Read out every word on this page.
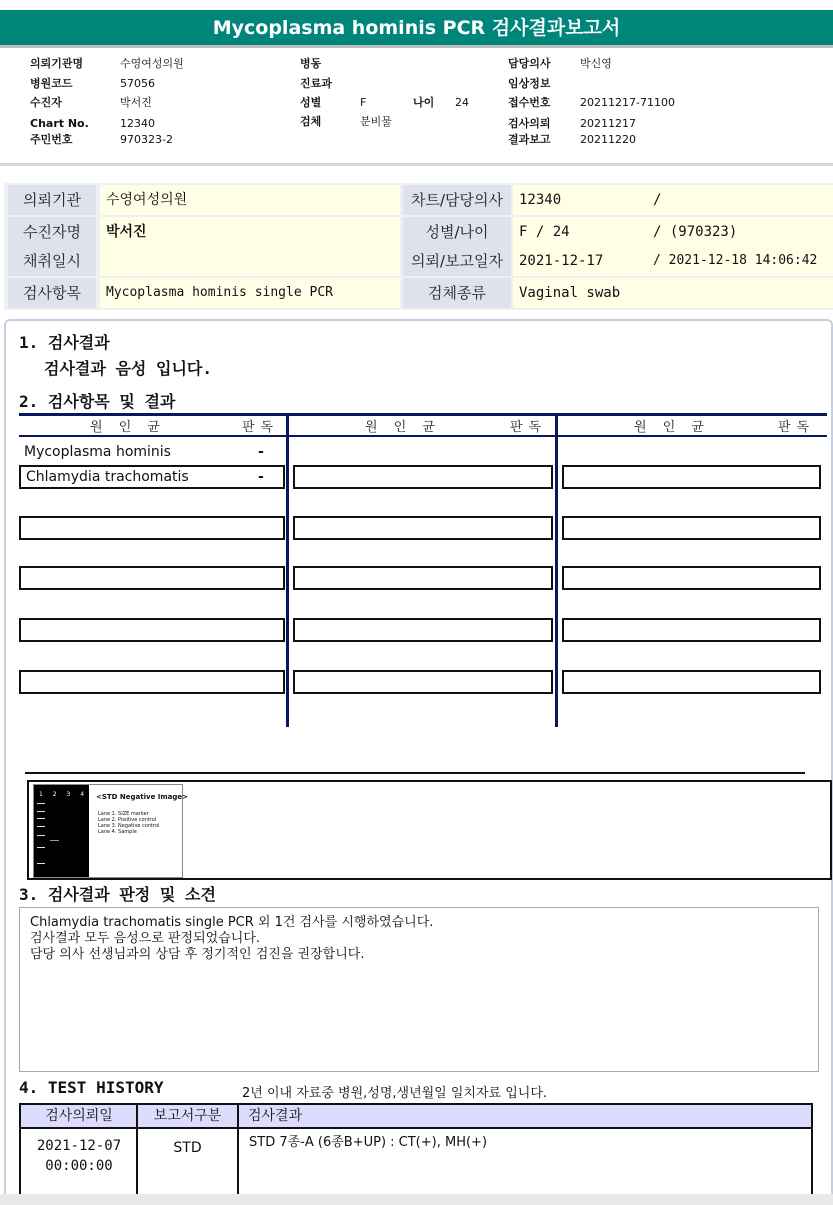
Mycoplasma hominis PCR 검사결과보고서
의뢰기관명	수영여성의원
병원코드	57056
수진자	박서진
Chart No.	12340
주민번호	970323-2
병동
진료과
성별	F	나이 24
검체	분비물
담당의사	박신영
임상정보
접수번호	20211217-71100
검사의뢰	20211217
결과보고	20211220
의뢰기관	수영여성의원	차트/담당의사	12340	/
수진자명	박서진	성별/나이	F / 24	/ (970323)
채취일시	의뢰/보고일자	2021-12-17	/ 2021-12-18 14:06:42
검사항목	Mycoplasma hominis single PCR	검체종류	Vaginal swab
1. 검사결과
검사결과 음성 입니다.
2. 검사항목 및 결과
원 인 균	판독	원 인 균	판독	원 인 균	판독
Mycoplasma hominis	-
Chlamydia trachomatis	-
1 2 3 4 <STD Negative Image>
Lane 1. SIZE marker
Lane 2. Positive control
Lane 3. Negative control
Lane 4. Sample
3. 검사결과 판정 및 소견
Chlamydia trachomatis single PCR 외 1건 검사를 시행하였습니다.
검사결과 모두 음성으로 판정되었습니다.
담당 의사 선생님과의 상담 후 정기적인 검진을 권장합니다.
4. TEST HISTORY	2년 이내 자료중 병원,성명,생년월일 일치자료 입니다.
검사의뢰일	보고서구분	검사결과
2021-12-07
00:00:00
STD	STD 7종-A (6종B+UP) : CT(+), MH(+)
